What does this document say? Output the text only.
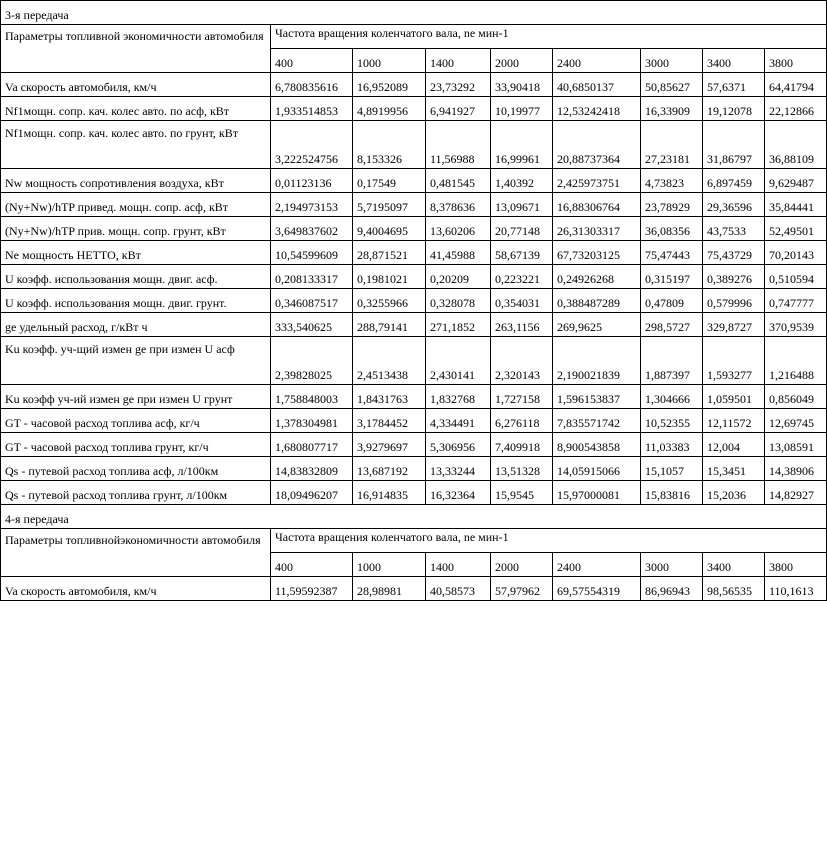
3-я передача								
Параметры топливной экономичности автомобиля	Частота вращения коленчатого вала, ne мин-1							
	400	1000	1400	2000	2400	3000	3400	3800
Va скорость автомобиля, км/ч	6,780835616	16,952089	23,73292	33,90418	40,6850137	50,85627	57,6371	64,41794
Nf1мощн. сопр. кач. колес авто. по асф, кВт	1,933514853	4,8919956	6,941927	10,19977	12,53242418	16,33909	19,12078	22,12866
Nf1мощн. сопр. кач. колес авто. по грунт, кВт	3,222524756	8,153326	11,56988	16,99961	20,88737364	27,23181	31,86797	36,88109
Nw мощность сопротивления воздуха, кВт	0,01123136	0,17549	0,481545	1,40392	2,425973751	4,73823	6,897459	9,629487
(Ny+Nw)/hTP привед. мощн. сопр. асф, кВт	2,194973153	5,7195097	8,378636	13,09671	16,88306764	23,78929	29,36596	35,84441
(Ny+Nw)/hTP прив. мощн. сопр. грунт, кВт	3,649837602	9,4004695	13,60206	20,77148	26,31303317	36,08356	43,7533	52,49501
Ne мощность НЕТТО, кВт	10,54599609	28,871521	41,45988	58,67139	67,73203125	75,47443	75,43729	70,20143
U коэфф. использования мощн. двиг. асф.	0,208133317	0,1981021	0,20209	0,223221	0,24926268	0,315197	0,389276	0,510594
U коэфф. использования мощн. двиг. грунт.	0,346087517	0,3255966	0,328078	0,354031	0,388487289	0,47809	0,579996	0,747777
ge удельный расход, г/кВт ч	333,540625	288,79141	271,1852	263,1156	269,9625	298,5727	329,8727	370,9539
Ku коэфф. уч-щий измен ge при измен U асф	2,39828025	2,4513438	2,430141	2,320143	2,190021839	1,887397	1,593277	1,216488
Ku коэфф уч-ий измен ge при измен U грунт	1,758848003	1,8431763	1,832768	1,727158	1,596153837	1,304666	1,059501	0,856049
GT - часовой расход топлива асф, кг/ч	1,378304981	3,1784452	4,334491	6,276118	7,835571742	10,52355	12,11572	12,69745
GT - часовой расход топлива грунт, кг/ч	1,680807717	3,9279697	5,306956	7,409918	8,900543858	11,03383	12,004	13,08591
Qs - путевой расход топлива асф, л/100км	14,83832809	13,687192	13,33244	13,51328	14,05915066	15,1057	15,3451	14,38906
Qs - путевой расход топлива грунт, л/100км	18,09496207	16,914835	16,32364	15,9545	15,97000081	15,83816	15,2036	14,82927
4-я передача								
Параметры топливнойэкономичности автомобиля	Частота вращения коленчатого вала, ne мин-1							
	400	1000	1400	2000	2400	3000	3400	3800
Va скорость автомобиля, км/ч	11,59592387	28,98981	40,58573	57,97962	69,57554319	86,96943	98,56535	110,1613
